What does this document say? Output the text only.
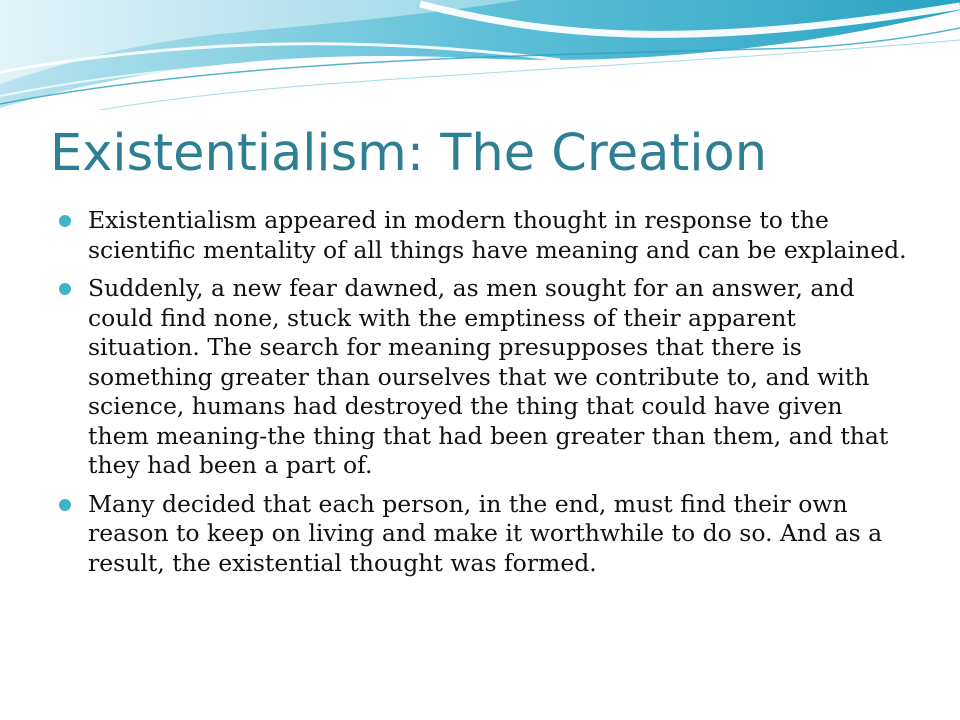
Existentialism: The Creation
Existentialism appeared in modern thought in response to the scientific mentality of all things have meaning and can be explained.
Suddenly, a new fear dawned, as men sought for an answer, and could find none, stuck with the emptiness of their apparent situation. The search for meaning presupposes that there is something greater than ourselves that we contribute to, and with science, humans had destroyed the thing that could have given them meaning-the thing that had been greater than them, and that they had been a part of.
Many decided that each person, in the end, must find their own reason to keep on living and make it worthwhile to do so. And as a result, the existential thought was formed.
